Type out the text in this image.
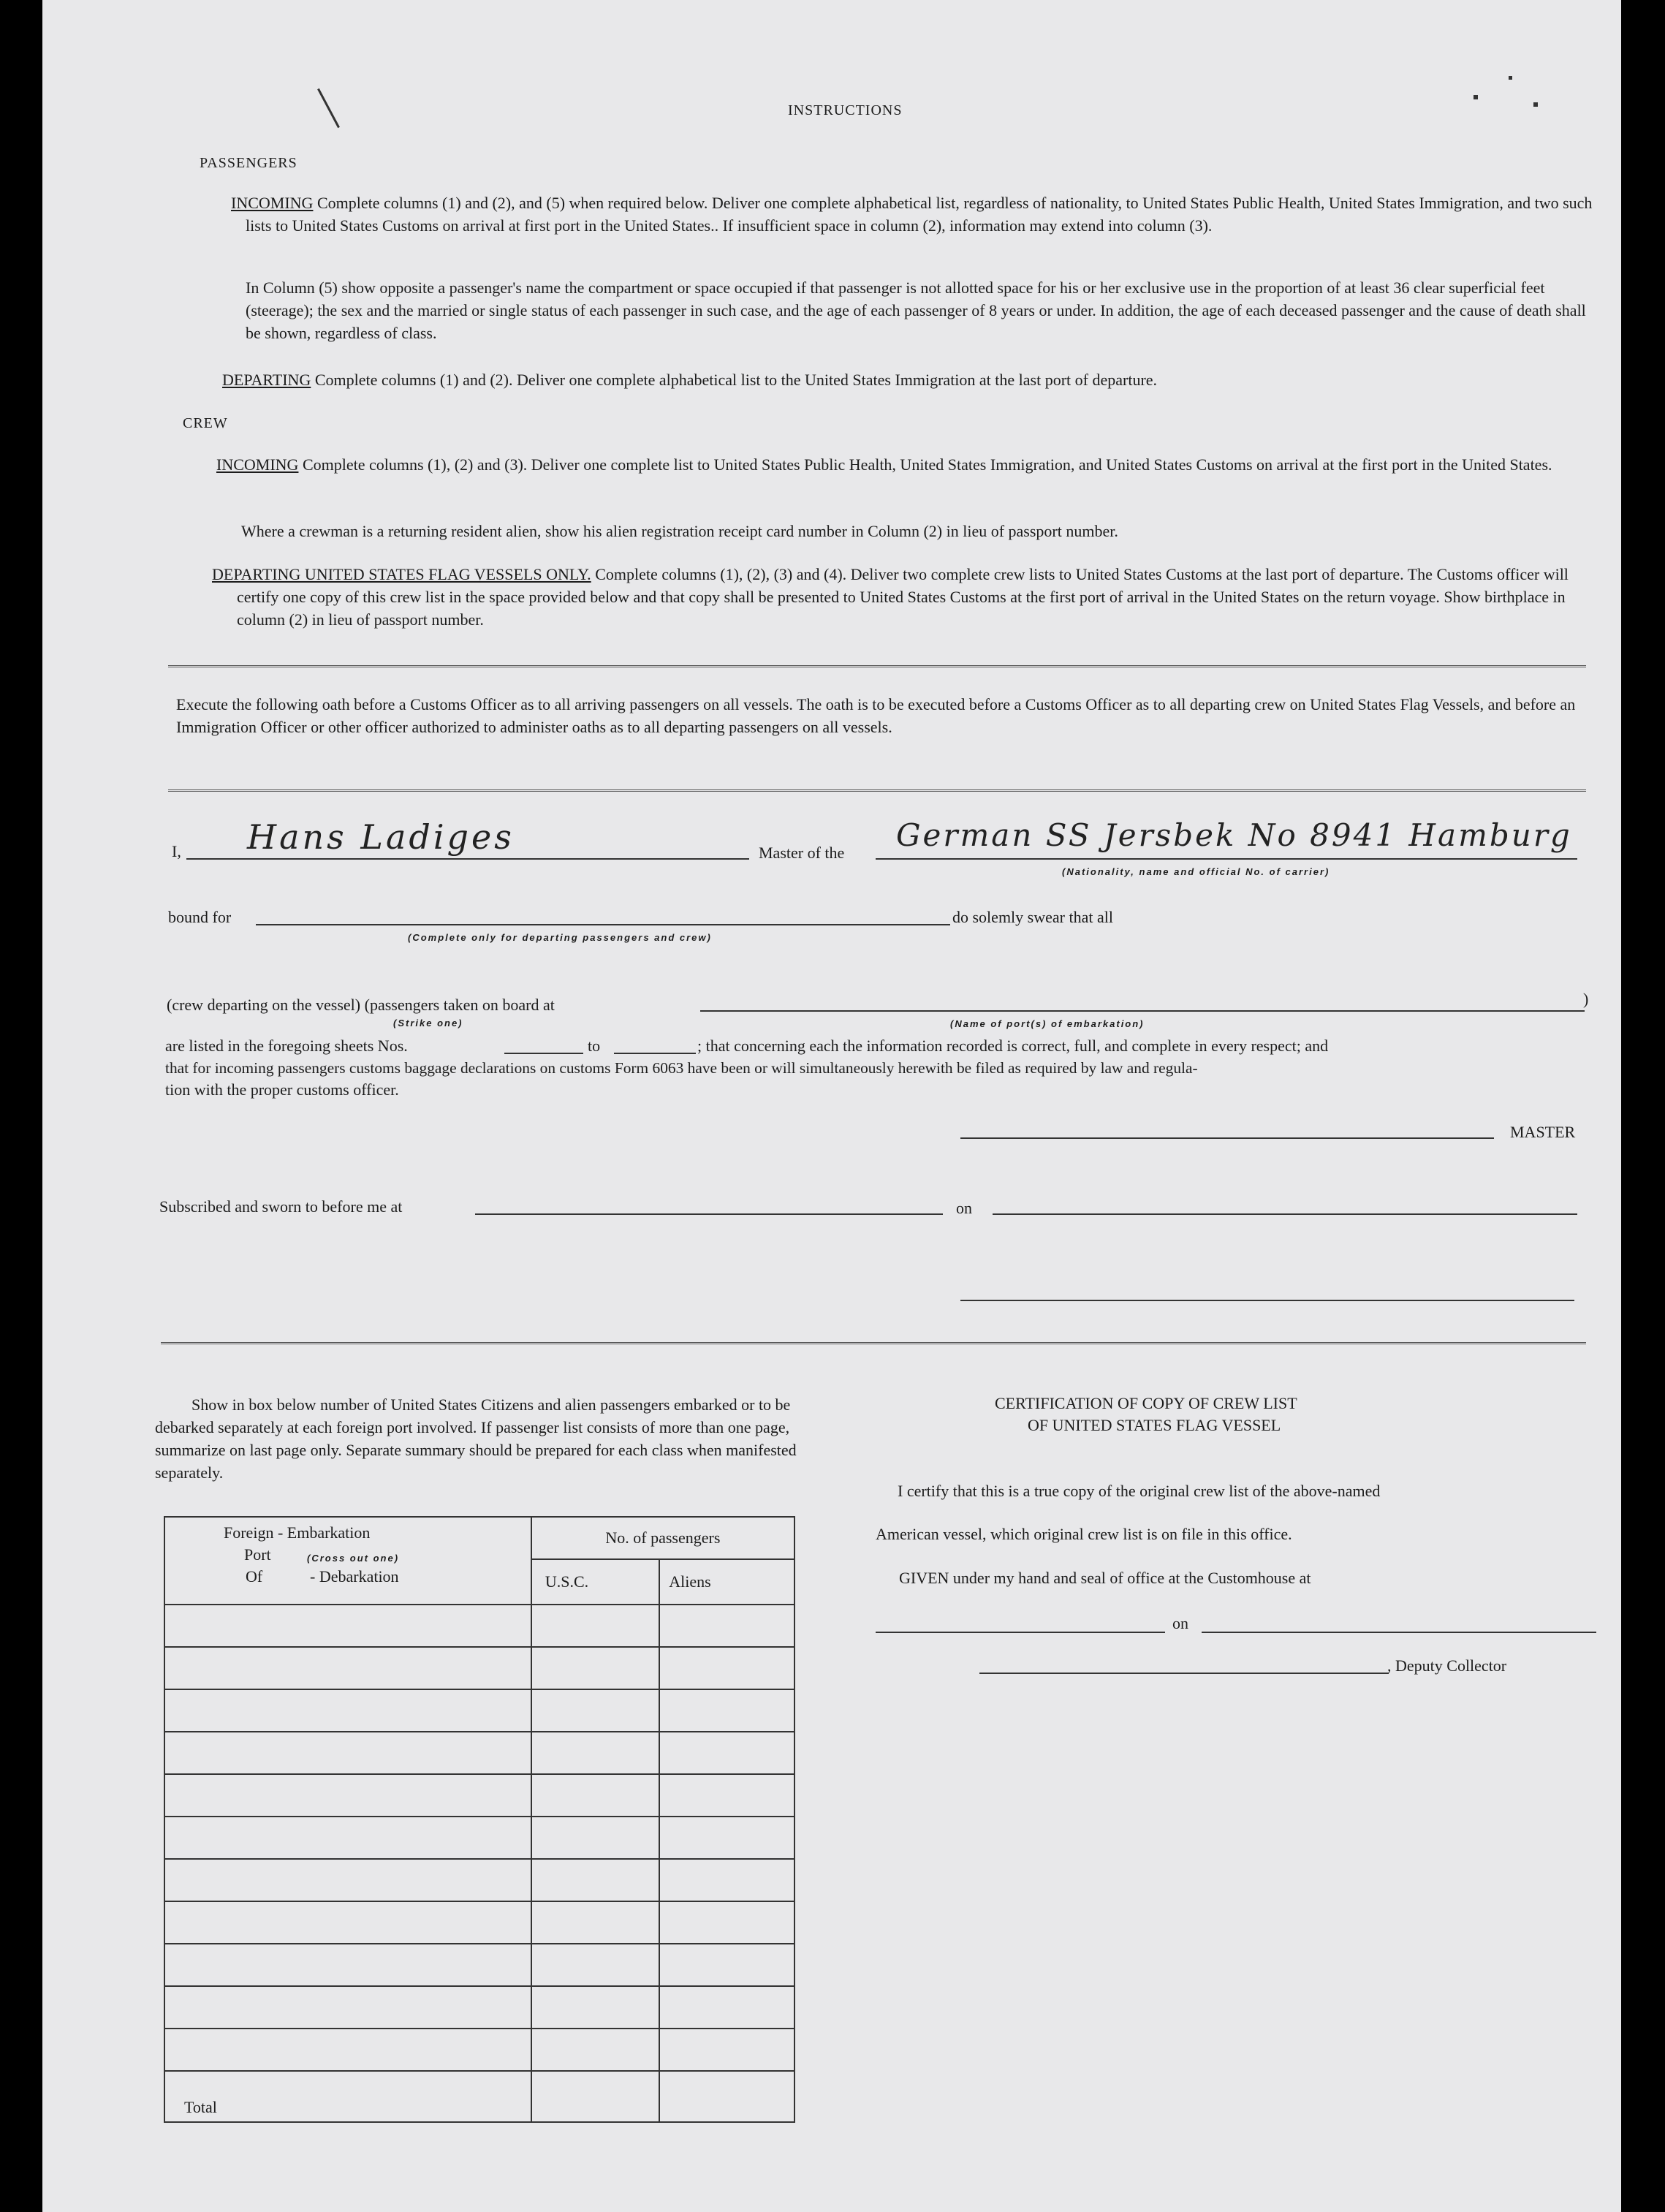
INSTRUCTIONS
PASSENGERS
INCOMING Complete columns (1) and (2), and (5) when required below. Deliver one complete alphabetical list, regardless of nationality, to United States Public Health, United States Immigration, and two such lists to United States Customs on arrival at first port in the United States.. If insufficient space in column (2), information may extend into column (3).
In Column (5) show opposite a passenger's name the compartment or space occupied if that passenger is not allotted space for his or her exclusive use in the proportion of at least 36 clear superficial feet (steerage); the sex and the married or single status of each passenger in such case, and the age of each passenger of 8 years or under. In addition, the age of each deceased passenger and the cause of death shall be shown, regardless of class.
DEPARTING Complete columns (1) and (2). Deliver one complete alphabetical list to the United States Immigration at the last port of departure.
CREW
INCOMING Complete columns (1), (2) and (3). Deliver one complete list to United States Public Health, United States Immigration, and United States Customs on arrival at the first port in the United States.
Where a crewman is a returning resident alien, show his alien registration receipt card number in Column (2) in lieu of passport number.
DEPARTING UNITED STATES FLAG VESSELS ONLY. Complete columns (1), (2), (3) and (4). Deliver two complete crew lists to United States Customs at the last port of departure. The Customs officer will certify one copy of this crew list in the space provided below and that copy shall be presented to United States Customs at the first port of arrival in the United States on the return voyage. Show birthplace in column (2) in lieu of passport number.
Execute the following oath before a Customs Officer as to all arriving passengers on all vessels. The oath is to be executed before a Customs Officer as to all departing crew on United States Flag Vessels, and before an Immigration Officer or other officer authorized to administer oaths as to all departing passengers on all vessels.
I, Hans Ladiges	Master of the German SS Jersbek No 8941 Hamburg
(Nationality, name and official No. of carrier)
bound for	do solemly swear that all
(Complete only for departing passengers and crew)
(crew departing on the vessel) (passengers taken on board at
(Strike one)
)
(Name of port(s) of embarkation)
are listed in the foregoing sheets Nos.	to	; that concerning each the information recorded is correct, full, and complete in every respect; and
that for incoming passengers customs baggage declarations on customs Form 6063 have been or will simultaneously herewith be filed as required by law and regula-
tion with the proper customs officer.
MASTER
Subscribed and sworn to before me at	on
Show in box below number of United States Citizens and alien passengers embarked or to be debarked separately at each foreign port involved. If passenger list consists of more than one page, summarize on last page only. Separate summary should be prepared for each class when manifested separately.
Foreign - Embarkation
Port (Cross out one)
Of - Debarkation	No. of passengers	
	U.S.C.	Aliens

Total		
CERTIFICATION OF COPY OF CREW LIST
OF UNITED STATES FLAG VESSEL
I certify that this is a true copy of the original crew list of the above-named
American vessel, which original crew list is on file in this office.
GIVEN under my hand and seal of office at the Customhouse at
on
, Deputy Collector
